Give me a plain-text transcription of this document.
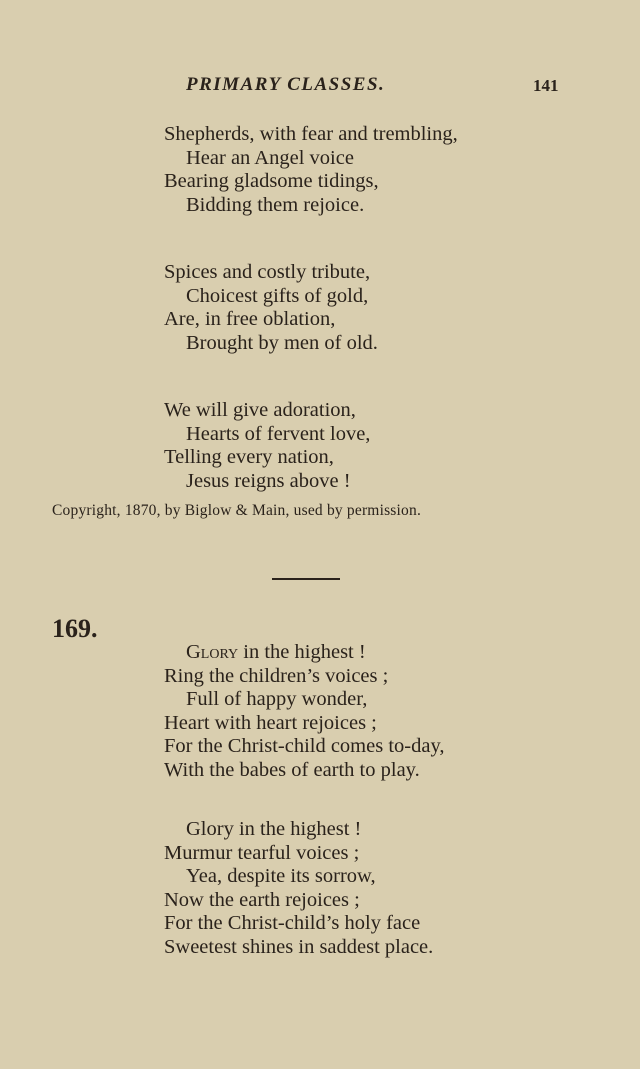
PRIMARY CLASSES.	141
Shepherds, with fear and trembling,
Hear an Angel voice
Bearing gladsome tidings,
Bidding them rejoice.
Spices and costly tribute,
Choicest gifts of gold,
Are, in free oblation,
Brought by men of old.
We will give adoration,
Hearts of fervent love,
Telling every nation,
Jesus reigns above !
Copyright, 1870, by Biglow & Main, used by permission.
169.
Glory in the highest !
Ring the children’s voices ;
Full of happy wonder,
Heart with heart rejoices ;
For the Christ-child comes to-day,
With the babes of earth to play.
Glory in the highest !
Murmur tearful voices ;
Yea, despite its sorrow,
Now the earth rejoices ;
For the Christ-child’s holy face
Sweetest shines in saddest place.
